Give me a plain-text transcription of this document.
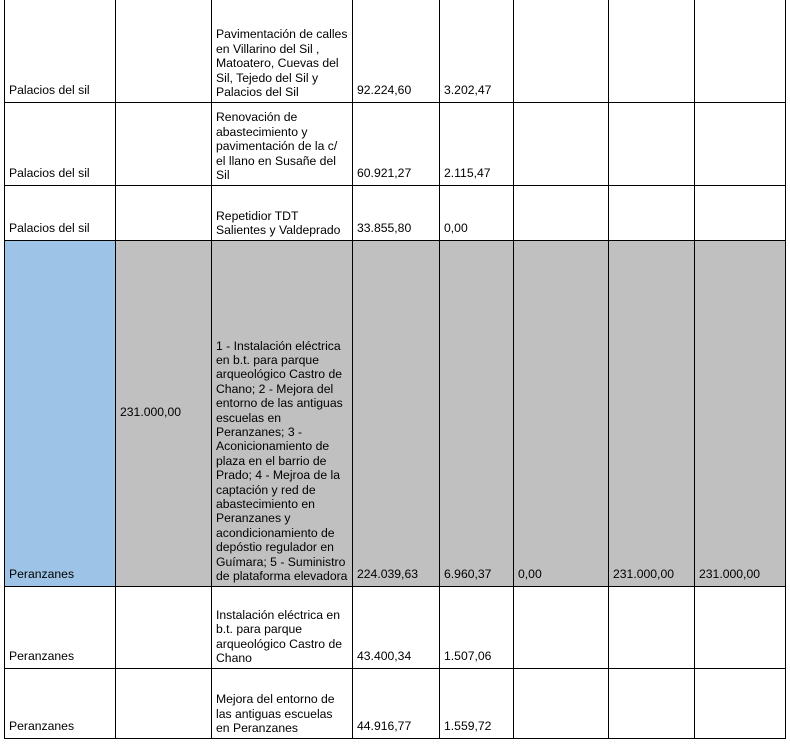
Palacios del sil		Pavimentación de calles en Villarino del Sil , Matoatero, Cuevas del Sil, Tejedo del Sil y Palacios del Sil	92.224,60	3.202,47			
Palacios del sil		Renovación de abastecimiento y pavimentación de la c/ el llano en Susañe del Sil	60.921,27	2.115,47			
Palacios del sil		Repetidior TDT Salientes y Valdeprado	33.855,80	0,00			
Peranzanes	231.000,00	1 - Instalación eléctrica en b.t. para parque arqueológico Castro de Chano; 2 - Mejora del entorno de las antiguas escuelas en Peranzanes; 3 - Aconicionamiento de plaza en el barrio de Prado; 4 - Mejroa de la captación y red de abastecimiento en Peranzanes y acondicionamiento de depóstio regulador en Guímara; 5 - Suministro de plataforma elevadora	224.039,63	6.960,37	0,00	231.000,00	231.000,00
Peranzanes		Instalación eléctrica en b.t. para parque arqueológico Castro de Chano	43.400,34	1.507,06			
Peranzanes		Mejora del entorno de las antiguas escuelas en Peranzanes	44.916,77	1.559,72			
